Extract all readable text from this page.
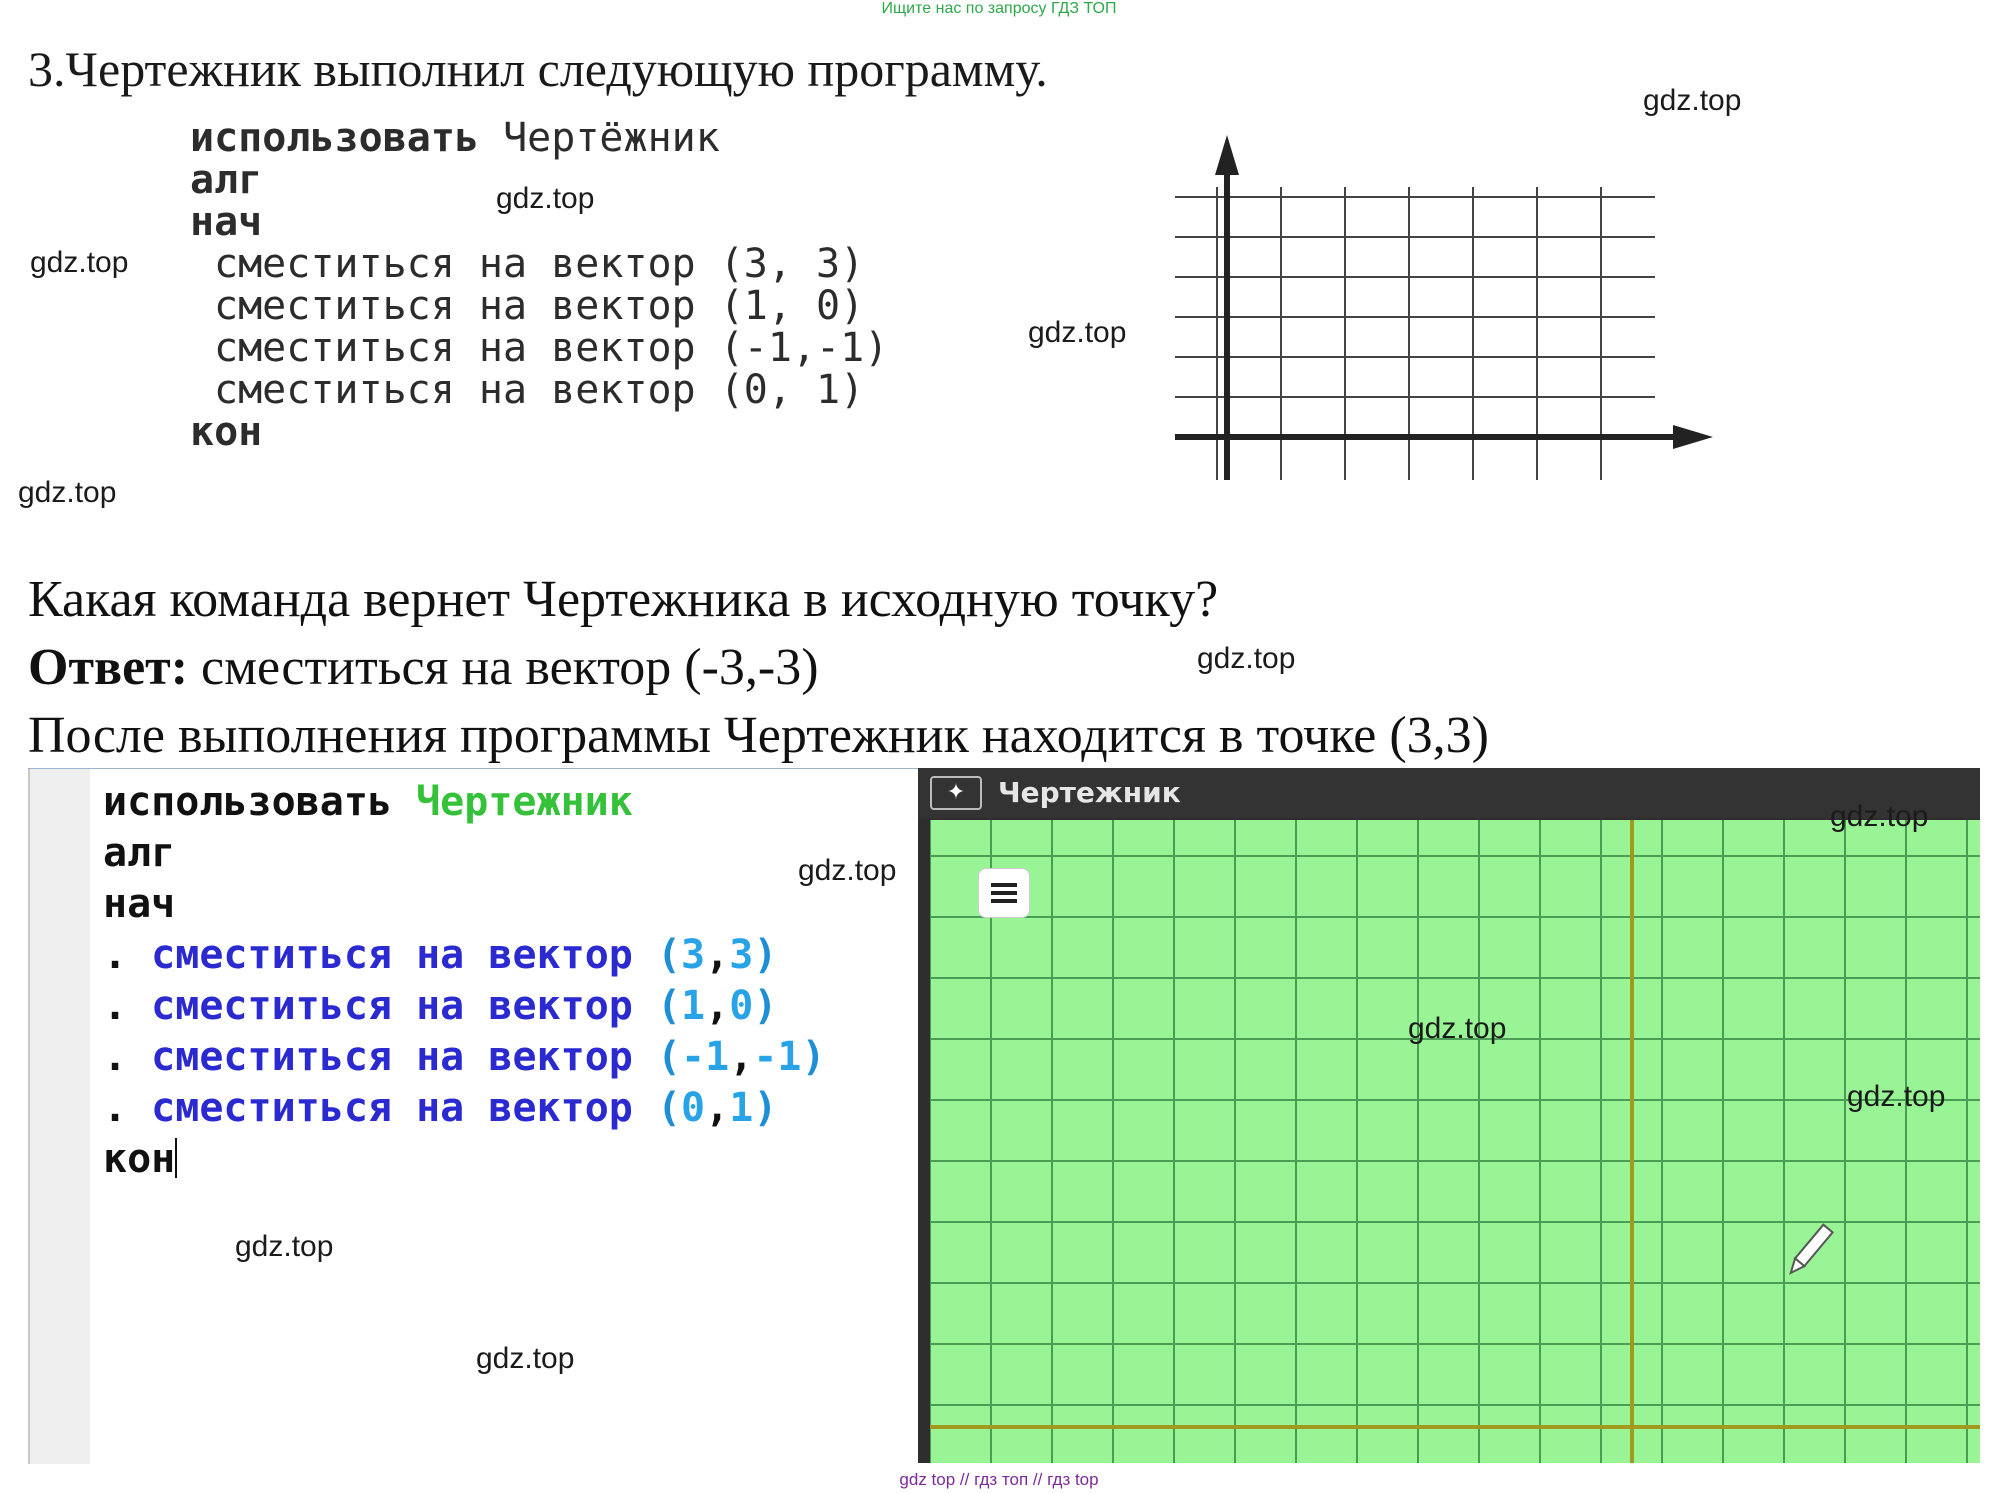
Ищите нас по запросу ГДЗ ТОП
3.Чертежник выполнил следующую программу.
использовать Чертёжник
алг
нач
сместиться на вектор (3, 3)
сместиться на вектор (1, 0)
сместиться на вектор (-1,-1)
сместиться на вектор (0, 1)
кон
Какая команда вернет Чертежника в исходную точку?
Ответ: сместиться на вектор (-3,-3)
После выполнения программы Чертежник находится в точке (3,3)
использовать Чертежник
алг
нач
. сместиться на вектор (3,3)
. сместиться на вектор (1,0)
. сместиться на вектор (-1,-1)
. сместиться на вектор (0,1)
кон
✦	Чертежник
gdz.top
gdz.top
gdz.top
gdz.top
gdz.top
gdz.top
gdz.top
gdz.top
gdz.top
gdz.top
gdz.top
gdz.top
gdz top // гдз топ // гдз top
